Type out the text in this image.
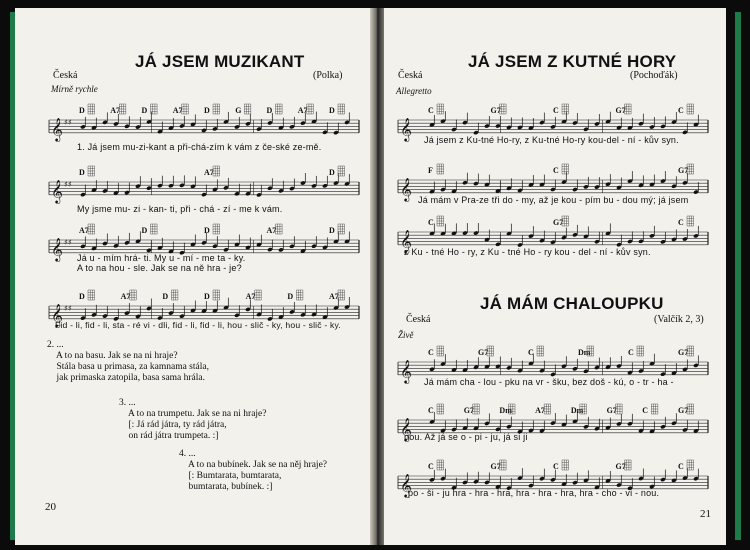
JÁ JSEM MUZIKANT
Česká	(Polka)
Mírně rychle
𝄞 ♯♯
D	A7	D	A7	D	G	D	A7	D
1. Já jsem mu-zi-kant a při-chá-zím k vám z če-ské ze-mě.
𝄞 ♯♯
D	A7	D
My jsme mu- zi - kan- ti, při - chá - zí - me k vám.
𝄞 ♯♯
A7	D	D	A7	D
Já u - mím hrá- ti. My u - mí - me ta - ky.
A to na hou - sle. Jak se na ně hra - je?
𝄞 ♯♯
D	A7	D	D	A7	D	A7
Fid - li, fid - li, sta - ré vi - dli, fid - li, fid - li, hou - slič - ky, hou - slič - ky.
2. ...
A to na basu. Jak se na ni hraje?
Stála basa u primasa, za kamnama stála,
jak primaska zatopila, basa sama hrála.
3. ...
A to na trumpetu. Jak se na ni hraje?
[: Já rád játra, ty rád játra,
on rád játra trumpeta. :]
4. ...
A to na bubínek. Jak se na něj hraje?
[: Bumtarata, bumtarata,
bumtarata, bubínek. :]
20
JÁ JSEM Z KUTNÉ HORY
Česká	(Pochoďák)
Allegretto
𝄞
C	G7	C	G7	C
Já jsem z Ku-tné Ho-ry, z Ku-tné Ho-ry kou-del - ní - kův syn.
𝄞
F	C	G7
Já mám v Pra-ze tři do - my, až je kou - pím bu - dou mý; já jsem
𝄞
C	G7	C
z Ku - tné Ho - ry, z Ku - tné Ho - ry kou - del - ní - kův syn.
JÁ MÁM CHALOUPKU
Česká	(Valčík 2, 3)
Živě
𝄞
C	G7	C	Dm	C	G7
Já mám cha - lou - pku na vr - šku, bez doš - kú, o - tr - ha -
𝄞
C	G7	Dm	A7	Dm	G7	C	G7
nou. Až já se o - pi - ju, já si ji
𝄞
C	G7	C	G7	C
po - ši - ju hra - hra - hra, hra - hra - hra, hra - cho - vi - nou.
21
